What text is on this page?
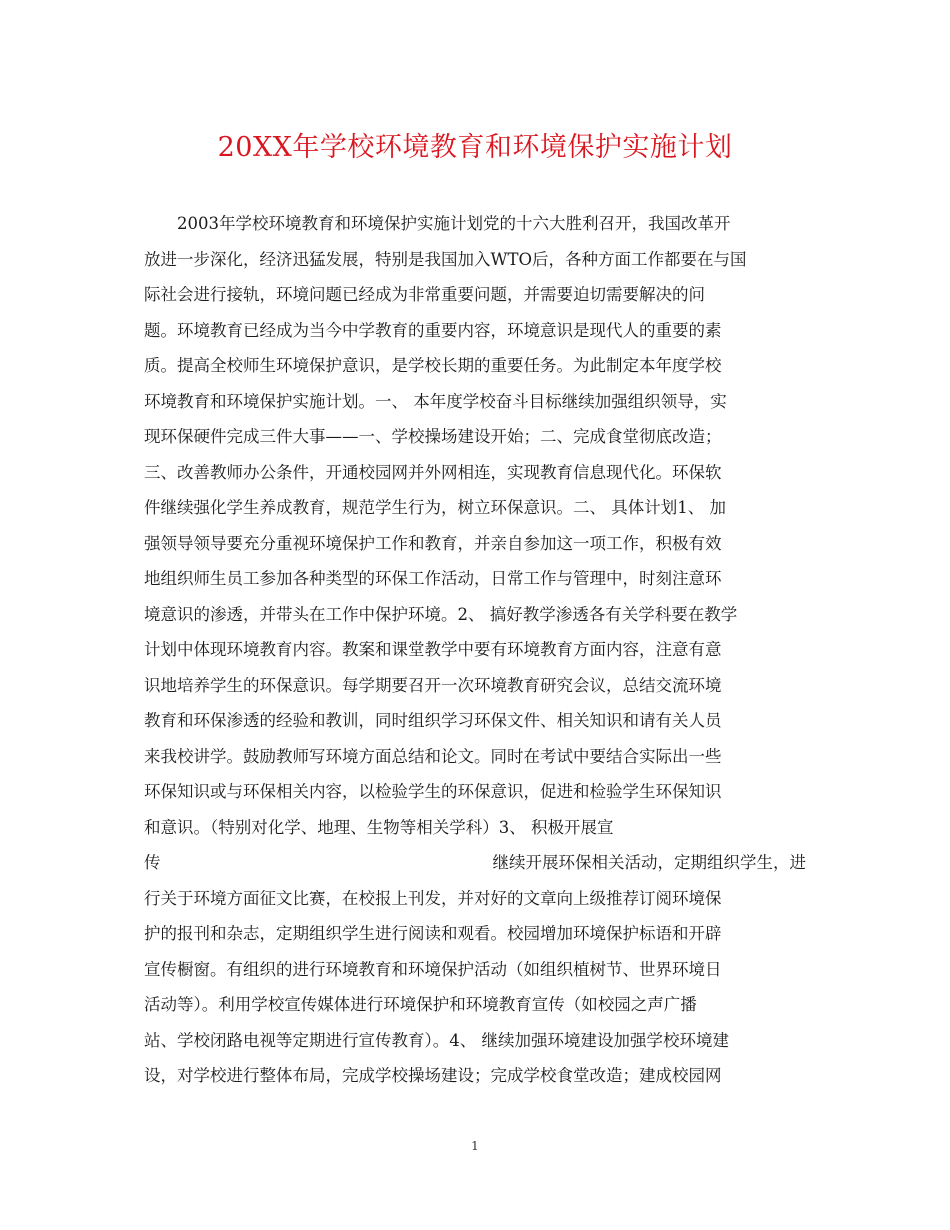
20XX年学校环境教育和环境保护实施计划
2003年学校环境教育和环境保护实施计划党的十六大胜利召开，我国改革开
放进一步深化，经济迅猛发展，特别是我国加入WTO后，各种方面工作都要在与国
际社会进行接轨，环境问题已经成为非常重要问题，并需要迫切需要解决的问
题。环境教育已经成为当今中学教育的重要内容，环境意识是现代人的重要的素
质。提高全校师生环境保护意识，是学校长期的重要任务。为此制定本年度学校
环境教育和环境保护实施计划。一、 本年度学校奋斗目标继续加强组织领导，实
现环保硬件完成三件大事——一、学校操场建设开始；二、完成食堂彻底改造；
三、改善教师办公条件，开通校园网并外网相连，实现教育信息现代化。环保软
件继续强化学生养成教育，规范学生行为，树立环保意识。二、 具体计划1、 加
强领导领导要充分重视环境保护工作和教育，并亲自参加这一项工作，积极有效
地组织师生员工参加各种类型的环保工作活动，日常工作与管理中，时刻注意环
境意识的渗透，并带头在工作中保护环境。2、 搞好教学渗透各有关学科要在教学
计划中体现环境教育内容。教案和课堂教学中要有环境教育方面内容，注意有意
识地培养学生的环保意识。每学期要召开一次环境教育研究会议，总结交流环境
教育和环保渗透的经验和教训，同时组织学习环保文件、相关知识和请有关人员
来我校讲学。鼓励教师写环境方面总结和论文。同时在考试中要结合实际出一些
环保知识或与环保相关内容，以检验学生的环保意识，促进和检验学生环保知识
和意识。（特别对化学、地理、生物等相关学科）3、 积极开展宣
传	继续开展环保相关活动，定期组织学生，进
行关于环境方面征文比赛，在校报上刊发，并对好的文章向上级推荐订阅环境保
护的报刊和杂志，定期组织学生进行阅读和观看。校园增加环境保护标语和开辟
宣传橱窗。有组织的进行环境教育和环境保护活动（如组织植树节、世界环境日
活动等）。利用学校宣传媒体进行环境保护和环境教育宣传（如校园之声广播
站、学校闭路电视等定期进行宣传教育）。4、 继续加强环境建设加强学校环境建
设，对学校进行整体布局，完成学校操场建设；完成学校食堂改造；建成校园网
1
